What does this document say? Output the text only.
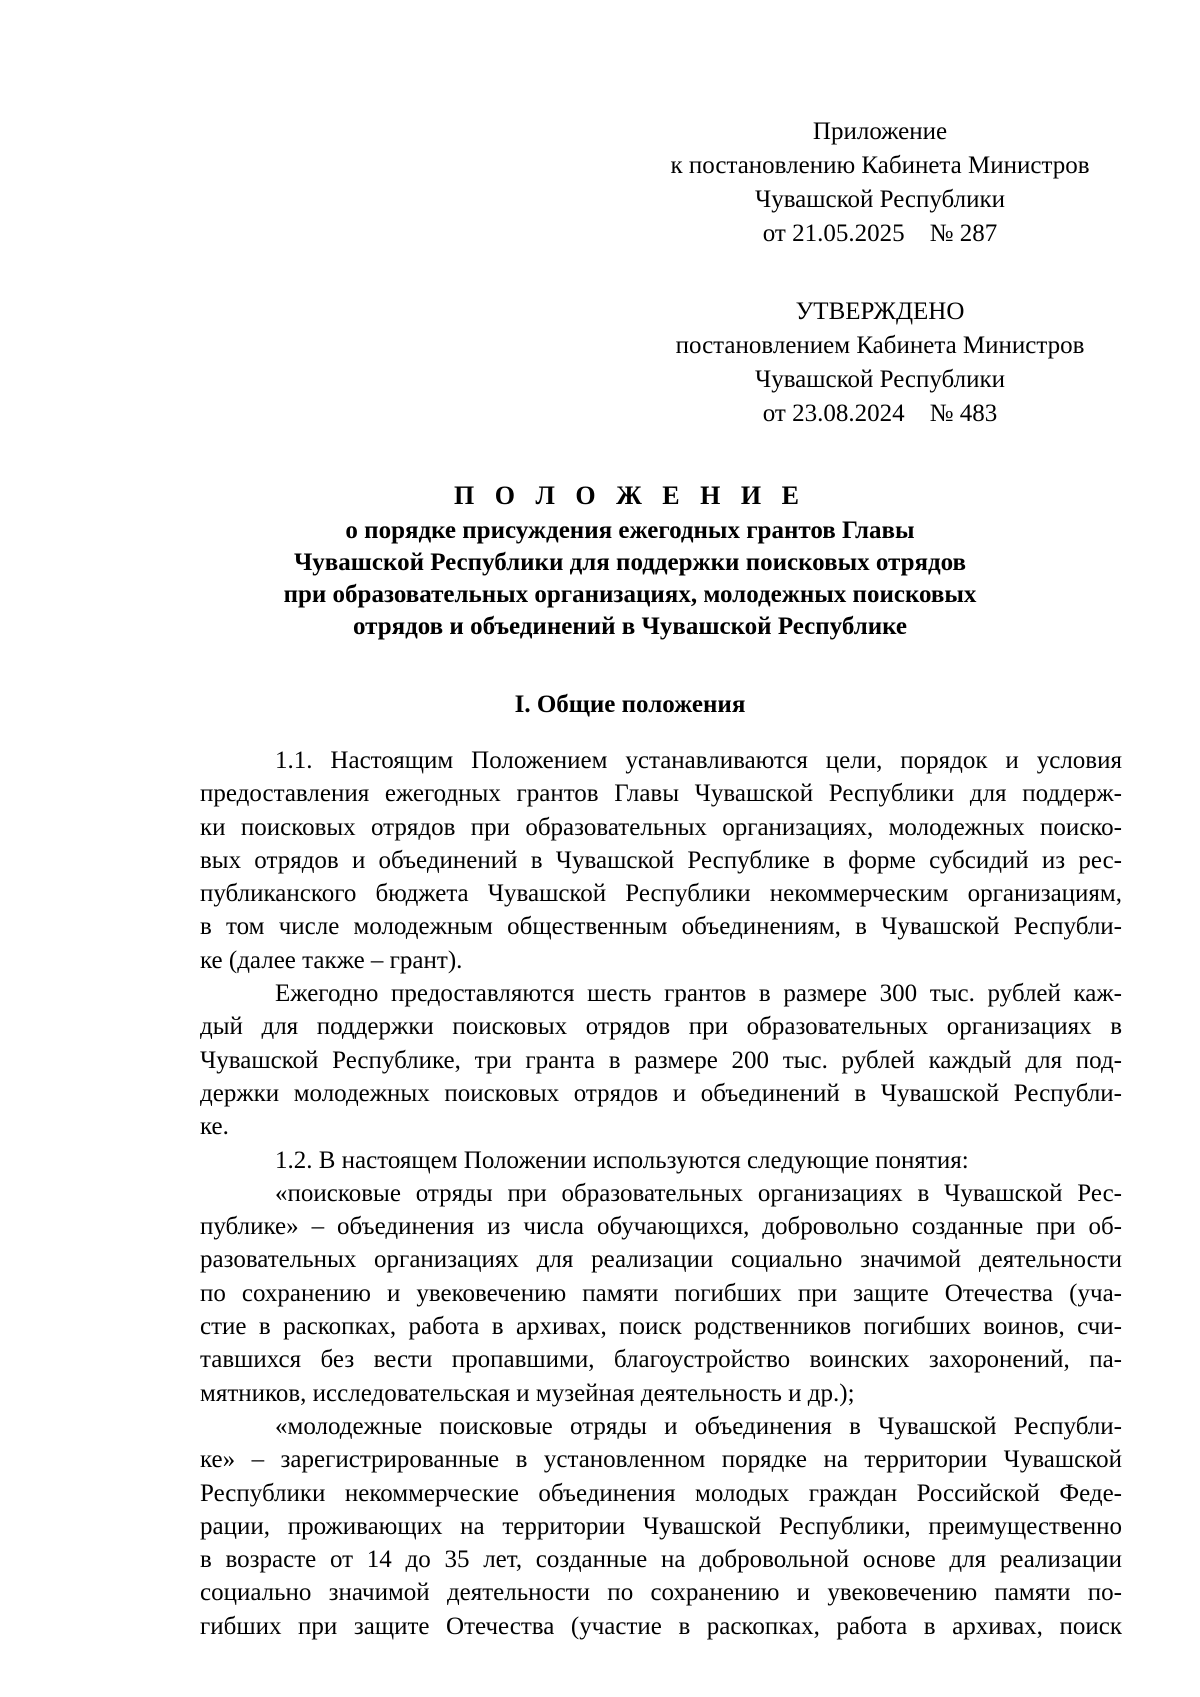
Приложение
к постановлению Кабинета Министров
Чувашской Республики
от 21.05.2025    № 287
УТВЕРЖДЕНО
постановлением Кабинета Министров
Чувашской Республики
от 23.08.2024    № 483
П О Л О Ж Е Н И Е
о порядке присуждения ежегодных грантов Главы
Чувашской Республики для поддержки поисковых отрядов
при образовательных организациях, молодежных поисковых
отрядов и объединений в Чувашской Республике
I. Общие положения
1.1. Настоящим Положением устанавливаются цели, порядок и условия
предоставления ежегодных грантов Главы Чувашской Республики для поддерж-
ки поисковых отрядов при образовательных организациях, молодежных поиско-
вых отрядов и объединений в Чувашской Республике в форме субсидий из рес-
публиканского бюджета Чувашской Республики некоммерческим организациям,
в том числе молодежным общественным объединениям, в Чувашской Республи-
ке (далее также – грант).
Ежегодно предоставляются шесть грантов в размере 300 тыс. рублей каж-
дый для поддержки поисковых отрядов при образовательных организациях в
Чувашской Республике, три гранта в размере 200 тыс. рублей каждый для под-
держки молодежных поисковых отрядов и объединений в Чувашской Республи-
ке.
1.2. В настоящем Положении используются следующие понятия:
«поисковые отряды при образовательных организациях в Чувашской Рес-
публике» – объединения из числа обучающихся, добровольно созданные при об-
разовательных организациях для реализации социально значимой деятельности
по сохранению и увековечению памяти погибших при защите Отечества (уча-
стие в раскопках, работа в архивах, поиск родственников погибших воинов, счи-
тавшихся без вести пропавшими, благоустройство воинских захоронений, па-
мятников, исследовательская и музейная деятельность и др.);
«молодежные поисковые отряды и объединения в Чувашской Республи-
ке» – зарегистрированные в установленном порядке на территории Чувашской
Республики некоммерческие объединения молодых граждан Российской Феде-
рации, проживающих на территории Чувашской Республики, преимущественно
в возрасте от 14 до 35 лет, созданные на добровольной основе для реализации
социально значимой деятельности по сохранению и увековечению памяти по-
гибших при защите Отечества (участие в раскопках, работа в архивах, поиск
